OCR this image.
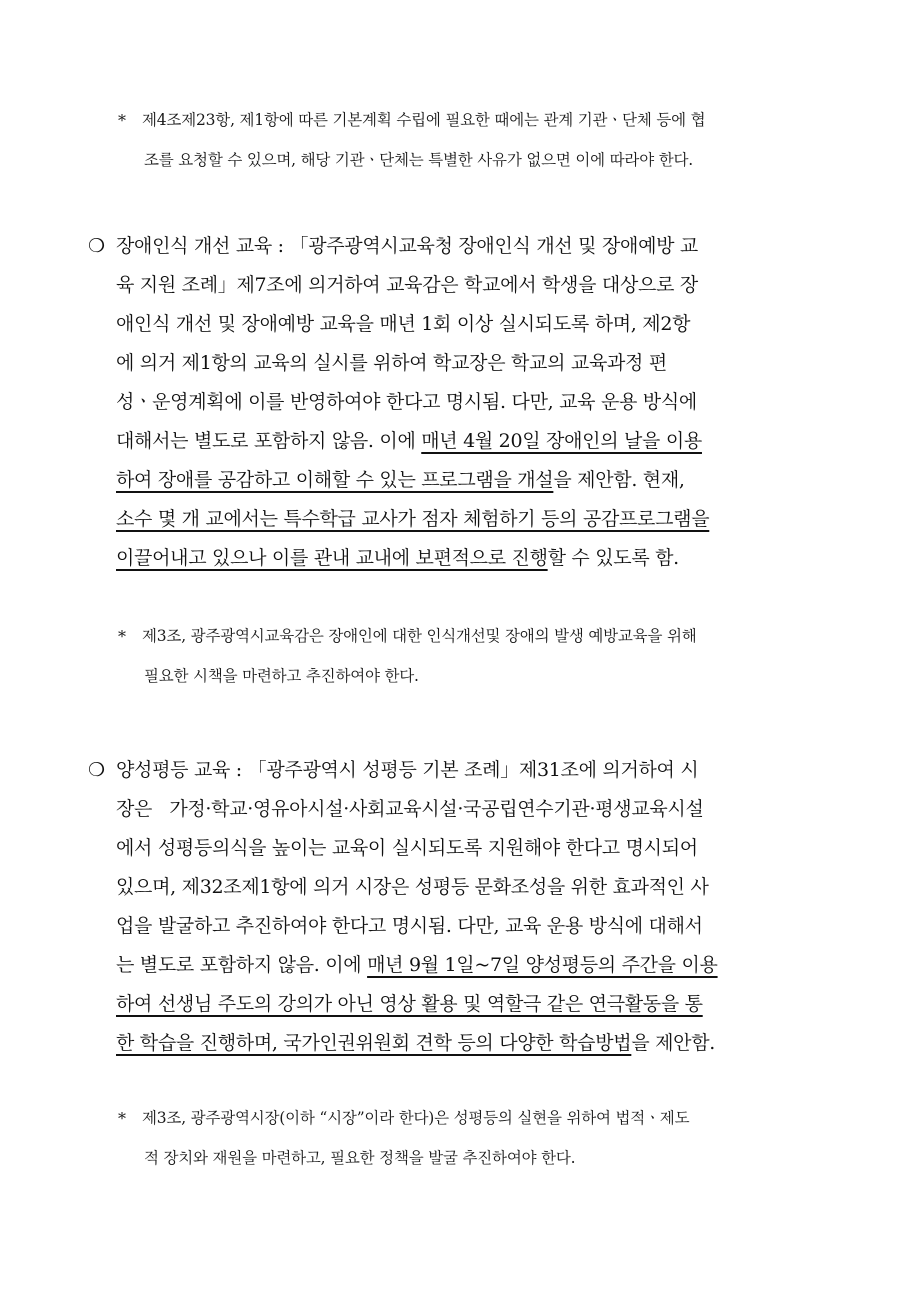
*	제4조제23항, 제1항에 따른 기본계획 수립에 필요한 때에는 관계 기관ㆍ단체 등에 협
조를 요청할 수 있으며, 해당 기관ㆍ단체는 특별한 사유가 없으면 이에 따라야 한다.
❍ 장애인식 개선 교육 : 「광주광역시교육청 장애인식 개선 및 장애예방 교
육 지원 조례」제7조에 의거하여 교육감은 학교에서 학생을 대상으로 장
애인식 개선 및 장애예방 교육을 매년 1회 이상 실시되도록 하며, 제2항
에 의거 제1항의 교육의 실시를 위하여 학교장은 학교의 교육과정 편
성ㆍ운영계획에 이를 반영하여야 한다고 명시됨. 다만, 교육 운용 방식에
대해서는 별도로 포함하지 않음. 이에 매년 4월 20일 장애인의 날을 이용
하여 장애를 공감하고 이해할 수 있는 프로그램을 개설을 제안함. 현재,
소수 몇 개 교에서는 특수학급 교사가 점자 체험하기 등의 공감프로그램을
이끌어내고 있으나 이를 관내 교내에 보편적으로 진행할 수 있도록 함.
*	제3조, 광주광역시교육감은 장애인에 대한 인식개선및 장애의 발생 예방교육을 위해
필요한 시책을 마련하고 추진하여야 한다.
❍ 양성평등 교육 : 「광주광역시 성평등 기본 조례」제31조에 의거하여 시
장은   가정·학교·영유아시설·사회교육시설·국공립연수기관·평생교육시설
에서 성평등의식을 높이는 교육이 실시되도록 지원해야 한다고 명시되어
있으며, 제32조제1항에 의거 시장은 성평등 문화조성을 위한 효과적인 사
업을 발굴하고 추진하여야 한다고 명시됨. 다만, 교육 운용 방식에 대해서
는 별도로 포함하지 않음. 이에 매년 9월 1일~7일 양성평등의 주간을 이용
하여 선생님 주도의 강의가 아닌 영상 활용 및 역할극 같은 연극활동을 통
한 학습을 진행하며, 국가인권위원회 견학 등의 다양한 학습방법을 제안함.
*	제3조, 광주광역시장(이하 “시장”이라 한다)은 성평등의 실현을 위하여 법적ㆍ제도
적 장치와 재원을 마련하고, 필요한 정책을 발굴 추진하여야 한다.
